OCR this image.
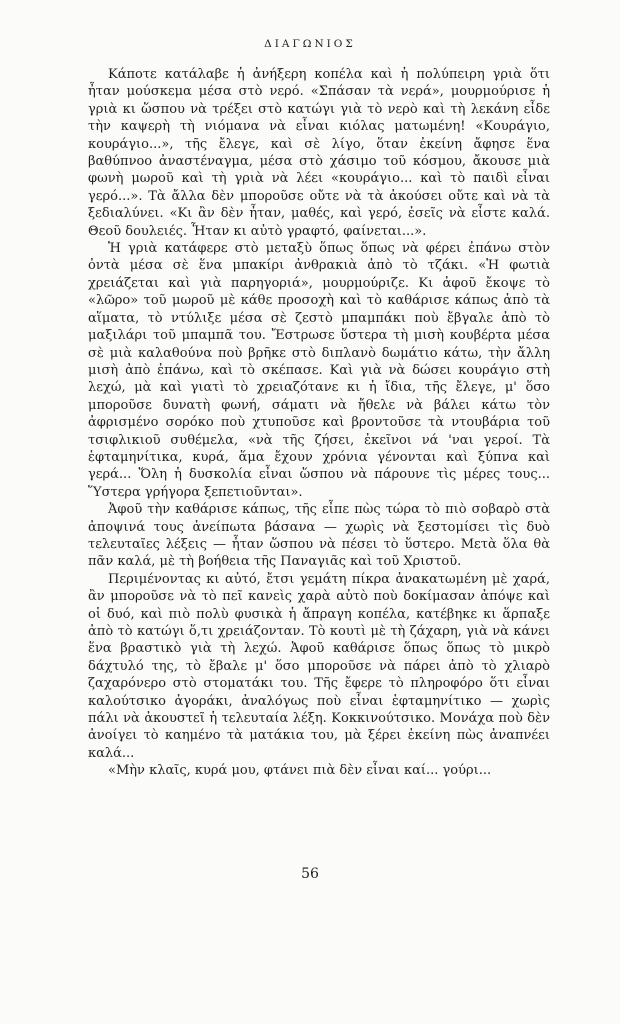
ΔΙΑΓΩΝΙΟΣ

Κάποτε κατάλαβε ἡ ἀνήξερη κοπέλα καὶ ἡ πολύπειρη γριὰ ὅτι ἦταν μούσκεμα μέσα στὸ νερό. «Σπάσαν τὰ νερά», μουρμούρισε ἡ γριὰ κι ὥσπου νὰ τρέξει στὸ κατώγι γιὰ τὸ νερὸ καὶ τὴ λεκάνη εἶδε τὴν καψερὴ τὴ νιόμανα νὰ εἶναι κιόλας ματωμένη! «Κουράγιο, κουράγιο...», τῆς ἔλεγε, καὶ σὲ λίγο, ὅταν ἐκείνη ἄφησε ἕνα βαθύπνοο ἀναστέναγμα, μέσα στὸ χάσιμο τοῦ κόσμου, ἄκουσε μιὰ φωνὴ μωροῦ καὶ τὴ γριὰ νὰ λέει «κουράγιο... καὶ τὸ παιδὶ εἶναι γερό...». Τὰ ἄλλα δὲν μποροῦσε οὔτε νὰ τὰ ἀκούσει οὔτε καὶ νὰ τὰ ξεδιαλύνει. «Κι ἂν δὲν ἦταν, μαθές, καὶ γερό, ἐσεῖς νὰ εἶστε καλά. Θεοῦ δουλειές. Ἦταν κι αὐτὸ γραφτό, φαίνεται...».

Ἡ γριὰ κατάφερε στὸ μεταξὺ ὅπως ὅπως νὰ φέρει ἐπάνω στὸν ὀντὰ μέσα σὲ ἕνα μπακίρι ἀνθρακιὰ ἀπὸ τὸ τζάκι. «Ἡ φωτιὰ χρειάζεται καὶ γιὰ παρηγοριά», μουρμούριζε. Κι ἀφοῦ ἔκοψε τὸ «λῶρο» τοῦ μωροῦ μὲ κάθε προσοχὴ καὶ τὸ καθάρισε κάπως ἀπὸ τὰ αἵματα, τὸ ντύλιξε μέσα σὲ ζεστὸ μπαμπάκι ποὺ ἔβγαλε ἀπὸ τὸ μαξιλάρι τοῦ μπαμπᾶ του. Ἔστρωσε ὕστερα τὴ μισὴ κουβέρτα μέσα σὲ μιὰ καλαθούνα ποὺ βρῆκε στὸ διπλανὸ δωμάτιο κάτω, τὴν ἄλλη μισὴ ἀπὸ ἐπάνω, καὶ τὸ σκέπασε. Καὶ γιὰ νὰ δώσει κουράγιο στὴ λεχώ, μὰ καὶ γιατὶ τὸ χρειαζότανε κι ἡ ἴδια, τῆς ἔλεγε, μ' ὅσο μποροῦσε δυνατὴ φωνή, σάματι νὰ ἤθελε νὰ βάλει κάτω τὸν ἀφρισμένο σορόκο ποὺ χτυποῦσε καὶ βροντοῦσε τὰ ντουβάρια τοῦ τσιφλικιοῦ συθέμελα, «νὰ τῆς ζήσει, ἐκεῖνοι νά 'ναι γεροί. Τὰ ἑφταμηνίτικα, κυρά, ἅμα ἔχουν χρόνια γένονται καὶ ξύπνα καὶ γερά... Ὅλη ἡ δυσκολία εἶναι ὥσπου νὰ πάρουνε τὶς μέρες τους... Ὕστερα γρήγορα ξεπετιοῦνται».

Ἀφοῦ τὴν καθάρισε κάπως, τῆς εἶπε πὼς τώρα τὸ πιὸ σοβαρὸ στὰ ἀποψινά τους ἀνείπωτα βάσανα — χωρὶς νὰ ξεστομίσει τὶς δυὸ τελευταῖες λέξεις — ἦταν ὥσπου νὰ πέσει τὸ ὕστερο. Μετὰ ὅλα θὰ πᾶν καλά, μὲ τὴ βοήθεια τῆς Παναγιᾶς καὶ τοῦ Χριστοῦ.

Περιμένοντας κι αὐτό, ἔτσι γεμάτη πίκρα ἀνακατωμένη μὲ χαρά, ἂν μποροῦσε νὰ τὸ πεῖ κανεὶς χαρὰ αὐτὸ ποὺ δοκίμασαν ἀπόψε καὶ οἱ δυό, καὶ πιὸ πολὺ φυσικὰ ἡ ἄπραγη κοπέλα, κατέβηκε κι ἅρπαξε ἀπὸ τὸ κατώγι ὅ,τι χρειάζονταν. Τὸ κουτὶ μὲ τὴ ζάχαρη, γιὰ νὰ κάνει ἕνα βραστικὸ γιὰ τὴ λεχώ. Ἀφοῦ καθάρισε ὅπως ὅπως τὸ μικρὸ δάχτυλό της, τὸ ἔβαλε μ' ὅσο μποροῦσε νὰ πάρει ἀπὸ τὸ χλιαρὸ ζαχαρόνερο στὸ στοματάκι του. Τῆς ἔφερε τὸ πληροφόρο ὅτι εἶναι καλούτσικο ἀγοράκι, ἀναλόγως ποὺ εἶναι ἑφταμηνίτικο — χωρὶς πάλι νὰ ἀκουστεῖ ἡ τελευταία λέξη. Κοκκινούτσικο. Μονάχα ποὺ δὲν ἀνοίγει τὸ καημένο τὰ ματάκια του, μὰ ξέρει ἐκείνη πὼς ἀναπνέει καλά...

«Μὴν κλαῖς, κυρά μου, φτάνει πιὰ δὲν εἶναι καί... γούρι...

56
